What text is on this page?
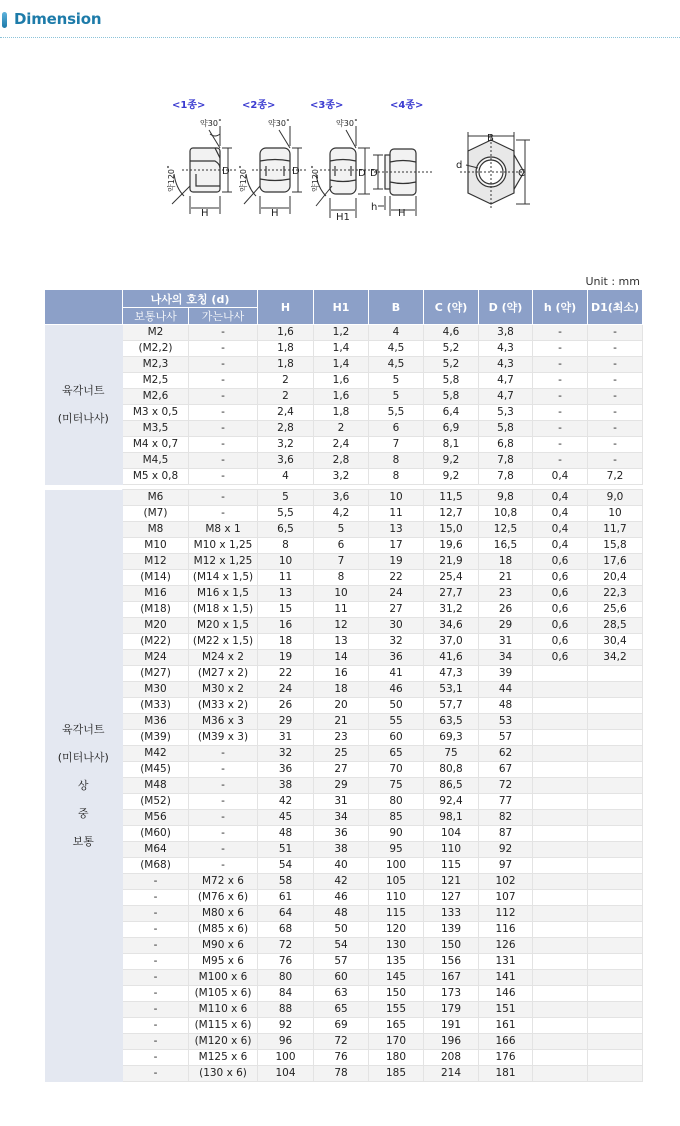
Dimension
<1종>	<2종>	<3종>	<4종>
약30˚
D
H
약120˚
약30˚
D
H
약120˚
약30˚
D
H1
약120˚	D
h
H
B
C
d
Unit : mm
	나사의 호칭 (d)		H	H1	B	C (약)	D (약)	h (약)	D1(최소)
	보통나사	가는나사							

육각너트
(미터나사)	M2	-	1,6	1,2	4	4,6	3,8	-	-
	(M2,2)	-	1,8	1,4	4,5	5,2	4,3	-	-
	M2,3	-	1,8	1,4	4,5	5,2	4,3	-	-
	M2,5	-	2	1,6	5	5,8	4,7	-	-
	M2,6	-	2	1,6	5	5,8	4,7	-	-
	M3 x 0,5	-	2,4	1,8	5,5	6,4	5,3	-	-
	M3,5	-	2,8	2	6	6,9	5,8	-	-
	M4 x 0,7	-	3,2	2,4	7	8,1	6,8	-	-
	M4,5	-	3,6	2,8	8	9,2	7,8	-	-
	M5 x 0,8	-	4	3,2	8	9,2	7,8	0,4	7,2

육각너트
(미터나사)
상
중
보통	M6	-	5	3,6	10	11,5	9,8	0,4	9,0
	(M7)	-	5,5	4,2	11	12,7	10,8	0,4	10
	M8	M8 x 1	6,5	5	13	15,0	12,5	0,4	11,7
	M10	M10 x 1,25	8	6	17	19,6	16,5	0,4	15,8
	M12	M12 x 1,25	10	7	19	21,9	18	0,6	17,6
	(M14)	(M14 x 1,5)	11	8	22	25,4	21	0,6	20,4
	M16	M16 x 1,5	13	10	24	27,7	23	0,6	22,3
	(M18)	(M18 x 1,5)	15	11	27	31,2	26	0,6	25,6
	M20	M20 x 1,5	16	12	30	34,6	29	0,6	28,5
	(M22)	(M22 x 1,5)	18	13	32	37,0	31	0,6	30,4
	M24	M24 x 2	19	14	36	41,6	34	0,6	34,2
	(M27)	(M27 x 2)	22	16	41	47,3	39		
	M30	M30 x 2	24	18	46	53,1	44		
	(M33)	(M33 x 2)	26	20	50	57,7	48		
	M36	M36 x 3	29	21	55	63,5	53		
	(M39)	(M39 x 3)	31	23	60	69,3	57		
	M42	-	32	25	65	75	62		
	(M45)	-	36	27	70	80,8	67		
	M48	-	38	29	75	86,5	72		
	(M52)	-	42	31	80	92,4	77		
	M56	-	45	34	85	98,1	82		
	(M60)	-	48	36	90	104	87		
	M64	-	51	38	95	110	92		
	(M68)	-	54	40	100	115	97		
	-	M72 x 6	58	42	105	121	102		
	-	(M76 x 6)	61	46	110	127	107		
	-	M80 x 6	64	48	115	133	112		
	-	(M85 x 6)	68	50	120	139	116		
	-	M90 x 6	72	54	130	150	126		
	-	M95 x 6	76	57	135	156	131		
	-	M100 x 6	80	60	145	167	141		
	-	(M105 x 6)	84	63	150	173	146		
	-	M110 x 6	88	65	155	179	151		
	-	(M115 x 6)	92	69	165	191	161		
	-	(M120 x 6)	96	72	170	196	166		
	-	M125 x 6	100	76	180	208	176		
	-	(130 x 6)	104	78	185	214	181		
